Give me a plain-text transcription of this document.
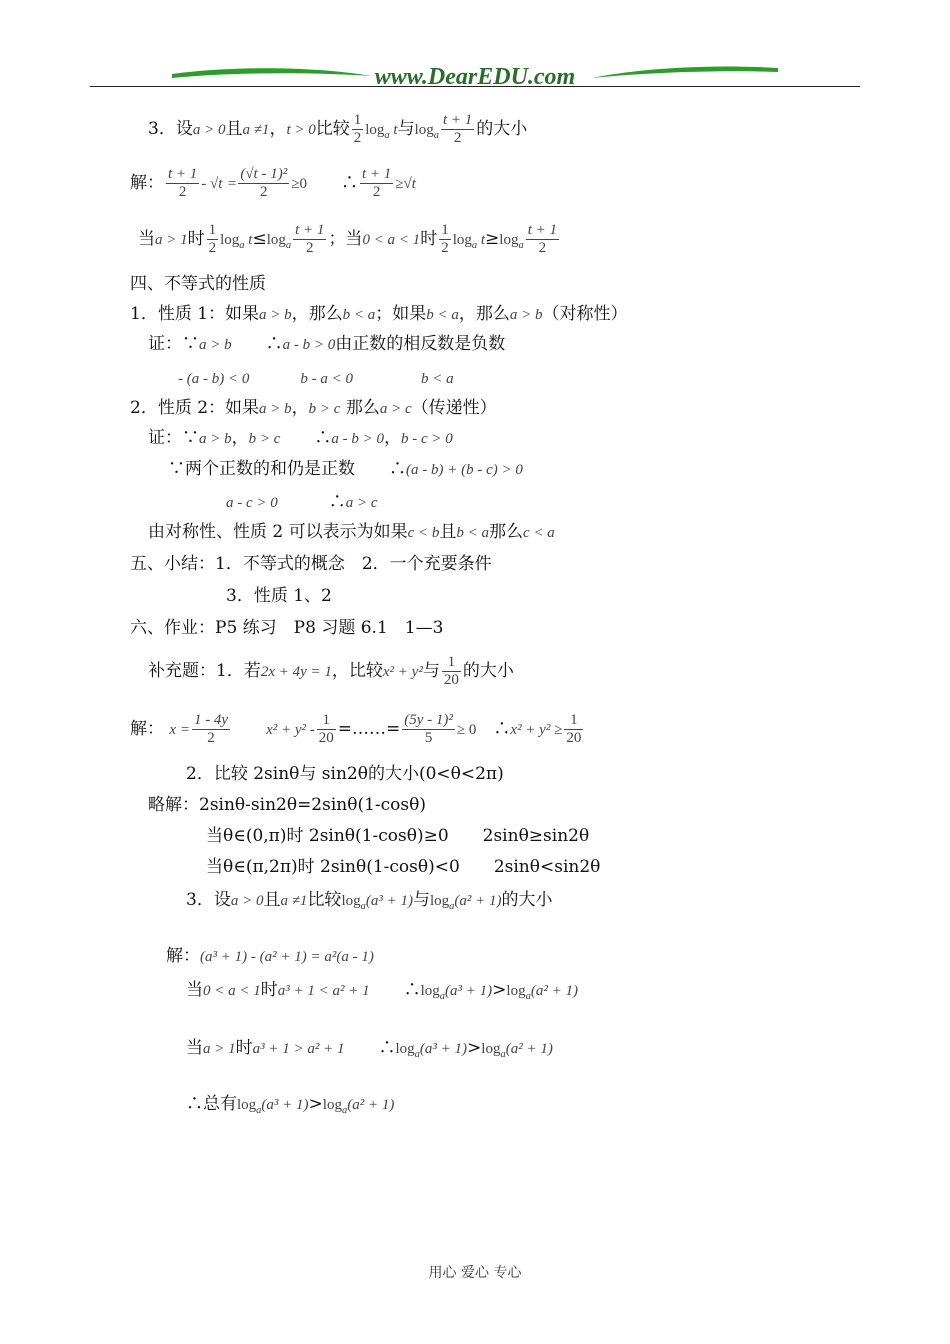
www.DearEDU.com
3．设a > 0且a ≠1，t > 0比较 $\frac{1}{2} \log_a t$与$\log_a \frac{t + 1}{2}$ 的大小
解： $\frac{t + 1}{2} - √t = \frac{\text{(√t - 1)²}}{2} \ge 0$　　 ∴ $\frac{t + 1}{2} \ge√t$
当a > 1时 $\frac{1}{2} \log_a t\le\log_a \frac{t + 1}{2}$ ；当0 < a < 1时 $\frac{1}{2} \log_a t\ge\log_a \frac{t + 1}{2}$
四、不等式的性质
1．性质 1：如果a > b，那么b < a；如果b < a，那么a > b（对称性）
证：∵a > b　　 ∴a - b > 0由正数的相反数是负数
- (a - b) < 0　　　	b - a < 0　　　　	b < a
2．性质 2：如果a > b，b > c 那么a > c（传递性）
证：∵a > b，b > c　　 ∴a - b > 0，b - c > 0
∵两个正数的和仍是正数　　 ∴(a - b) + (b - c) > 0
a - c > 0　　　	∴a > c
由对称性、性质 2 可以表示为如果c < b且b < a那么c < a
五、小结：1．不等式的概念　2．一个充要条件
3．性质 1、2
六、作业：P5 练习　P8 习题 6.1　1—3
补充题：1．若2x + 4y = 1，比较x² + y²与 $\frac{1}{20}$ 的大小
解： $x = \frac{1 - 4y}{2}$
　　 $x^2 + y^2 - \frac{1}{20}$ =……= $\frac{\text{(5y - 1)²}}{5} \ge 0$　 ∴x² + $y^2 \ge \frac{1}{20}$
2．比较 2sinθ与 sin2θ的大小(0<θ<2π)
略解：2sinθ-sin2θ=2sinθ(1-cosθ)
当θ∈(0,π)时 2sinθ(1-cosθ)≥0　　2sinθ≥sin2θ
当θ∈(π,2π)时 2sinθ(1-cosθ)<0　　2sinθ<sin2θ
3．设a > 0且a ≠1比较$\log_a(a^3 + 1)$与$\log_a(a^2 + 1)$的大小
解：(a³ + 1) - (a² + 1) = a²(a - 1)
当0 < a < 1时a³ + 1 < a² + 1　　 $\therefore\log_a(a^3 + 1)>\log_a(a^2 + 1)$
当a > 1时a³ + 1 > a² + 1　　 $\therefore\log_a(a^3 + 1)>\log_a(a^2 + 1)$
∴总有$\log_a(a^3 + 1)>\log_a(a^2 + 1)$
用心 爱心 专心
